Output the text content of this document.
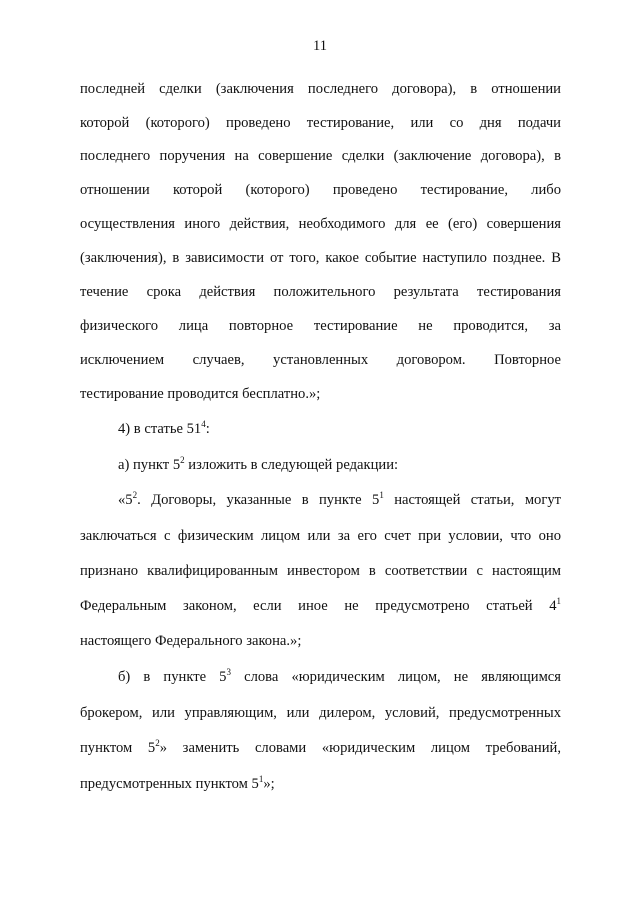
11
последней сделки (заключения последнего договора), в отношении
которой (которого) проведено тестирование, или со дня подачи
последнего поручения на совершение сделки (заключение договора), в
отношении которой (которого) проведено тестирование, либо
осуществления иного действия, необходимого для ее (его) совершения
(заключения), в зависимости от того, какое событие наступило позднее. В
течение срока действия положительного результата тестирования
физического лица повторное тестирование не проводится, за
исключением случаев, установленных договором. Повторное
тестирование проводится бесплатно.»;
4) в статье $51^4$:
а) пункт $5^2$ изложить в следующей редакции:
«$5^2$. Договоры, указанные в пункте $5^1$ настоящей статьи, могут
заключаться с физическим лицом или за его счет при условии, что оно
признано квалифицированным инвестором в соответствии с настоящим
Федеральным законом, если иное не предусмотрено статьей $4^1$
настоящего Федерального закона.»;
б) в пункте $5^3$ слова «юридическим лицом, не являющимся
брокером, или управляющим, или дилером, условий, предусмотренных
пунктом $5^2$» заменить словами «юридическим лицом требований,
предусмотренных пунктом $5^1$»;
